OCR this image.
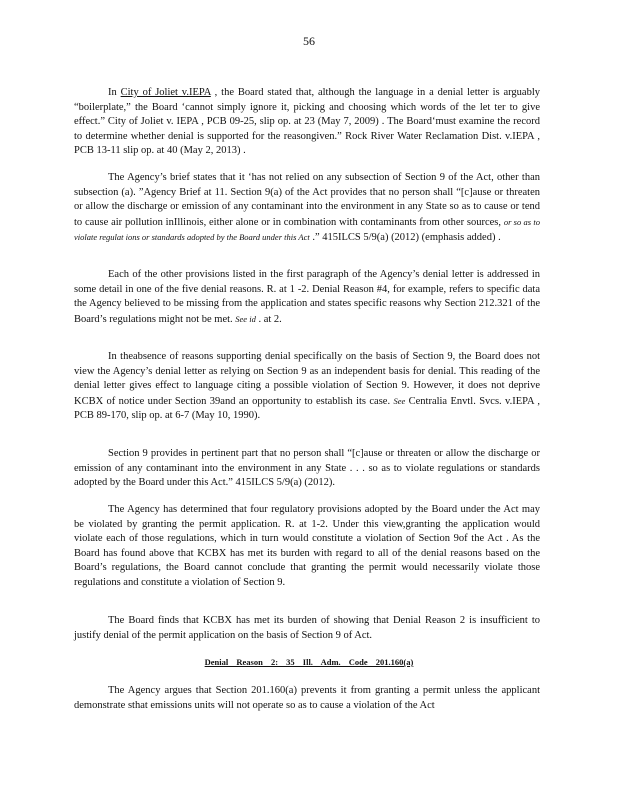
56

In City of Joliet v.IEPA , the Board stated that, although the language in a denial letter is arguably “boilerplate,” the Board ‘cannot simply ignore it, picking and choosing which words of the let ter to give effect.” City of Joliet v. IEPA , PCB 09-25, slip op. at 23 (May 7, 2009) . The Board‘must examine the record to determine whether denial is supported for the reasongiven.” Rock River Water Reclamation Dist. v.IEPA , PCB 13-11 slip op. at 40 (May 2, 2013) .

The Agency’s brief states that it ‘has not relied on any subsection of Section 9 of the Act, other than subsection (a). ”Agency Brief at 11. Section 9(a) of the Act provides that no person shall “[c]ause or threaten or allow the discharge or emission of any contaminant into the environment in any State so as to cause or tend to cause air pollution inIllinois, either alone or in combination with contaminants from other sources, or so as to violate regulat ions or standards adopted by the Board under this Act .” 415ILCS 5/9(a) (2012) (emphasis added) .

Each of the other provisions listed in the first paragraph of the Agency’s denial letter is addressed in some detail in one of the five denial reasons. R. at 1 -2. Denial Reason #4, for example, refers to specific data the Agency believed to be missing from the application and states specific reasons why Section 212.321 of the Board’s regulations might not be met. See id . at 2.

In theabsence of reasons supporting denial specifically on the basis of Section 9, the Board does not view the Agency’s denial letter as relying on Section 9 as an independent basis for denial. This reading of the denial letter gives effect to language citing a possible violation of Section 9. However, it does not deprive KCBX of notice under Section 39and an opportunity to establish its case. See Centralia Envtl. Svcs. v.IEPA , PCB 89-170, slip op. at 6-7 (May 10, 1990).

Section 9 provides in pertinent part that no person shall “[c]ause or threaten or allow the discharge or emission of any contaminant into the environment in any State . . . so as to violate regulations or standards adopted by the Board under this Act.” 415ILCS 5/9(a) (2012).

The Agency has determined that four regulatory provisions adopted by the Board under the Act may be violated by granting the permit application. R. at 1-2. Under this view,granting the application would violate each of those regulations, which in turn would constitute a violation of Section 9of the Act . As the Board has found above that KCBX has met its burden with regard to all of the denial reasons based on the Board’s regulations, the Board cannot conclude that granting the permit would necessarily violate those regulations and constitute a violation of Section 9.

The Board finds that KCBX has met its burden of showing that Denial Reason 2 is insufficient to justify denial of the permit application on the basis of Section 9 of Act.

Denial Reason 2: 35 Ill. Adm. Code 201.160(a)

The Agency argues that Section 201.160(a) prevents it from granting a permit unless the applicant demonstrate sthat emissions units will not operate so as to cause a violation of the Act
